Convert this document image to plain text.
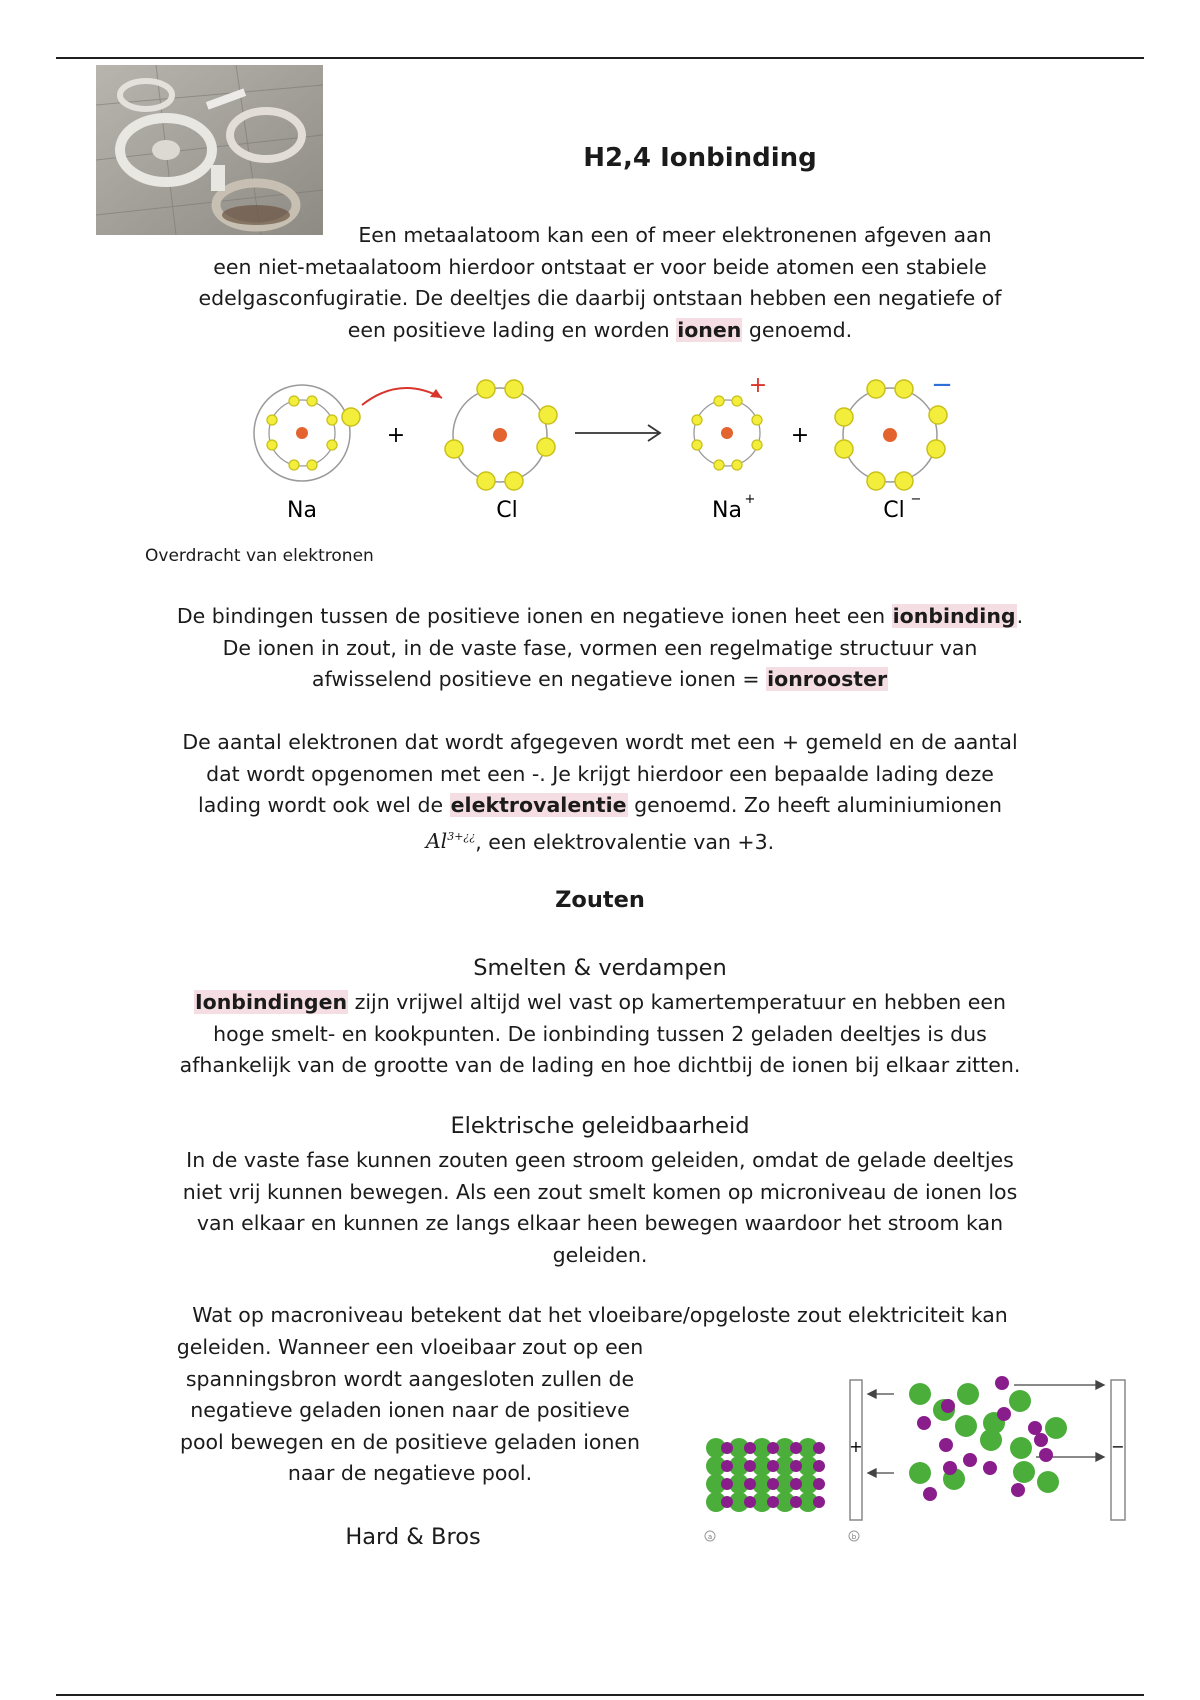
H2,4 Ionbinding

Een metaalatoom kan een of meer elektronenen afgeven aan
een niet-metaalatoom hierdoor ontstaat er voor beide atomen een stabiele
edelgasconfugiratie. De deeltjes die daarbij ontstaan hebben een negatiefe of
een positieve lading en worden ionen genoemd.

+
+
+
−
Na	Cl	Na +	Cl −
Overdracht van elektronen

De bindingen tussen de positieve ionen en negatieve ionen heet een ionbinding.
De ionen in zout, in de vaste fase, vormen een regelmatige structuur van
afwisselend positieve en negatieve ionen = ionrooster

De aantal elektronen dat wordt afgegeven wordt met een + gemeld en de aantal
dat wordt opgenomen met een -. Je krijgt hierdoor een bepaalde lading deze
lading wordt ook wel de elektrovalentie genoemd. Zo heeft aluminiumionen
$Al^{3+¿¿}$, een elektrovalentie van +3.

Zouten
Smelten & verdampen

Ionbindingen zijn vrijwel altijd wel vast op kamertemperatuur en hebben een
hoge smelt- en kookpunten. De ionbinding tussen 2 geladen deeltjes is dus
afhankelijk van de grootte van de lading en hoe dichtbij de ionen bij elkaar zitten.

Elektrische geleidbaarheid

In de vaste fase kunnen zouten geen stroom geleiden, omdat de gelade deeltjes
niet vrij kunnen bewegen. Als een zout smelt komen op microniveau de ionen los
van elkaar en kunnen ze langs elkaar heen bewegen waardoor het stroom kan
geleiden.

Wat op macroniveau betekent dat het vloeibare/opgeloste zout elektriciteit kan

geleiden. Wanneer een vloeibaar zout op een
spanningsbron wordt aangesloten zullen de
negatieve geladen ionen naar de positieve
pool bewegen en de positieve geladen ionen
naar de negatieve pool.

Hard & Bros
+	−
a	b
